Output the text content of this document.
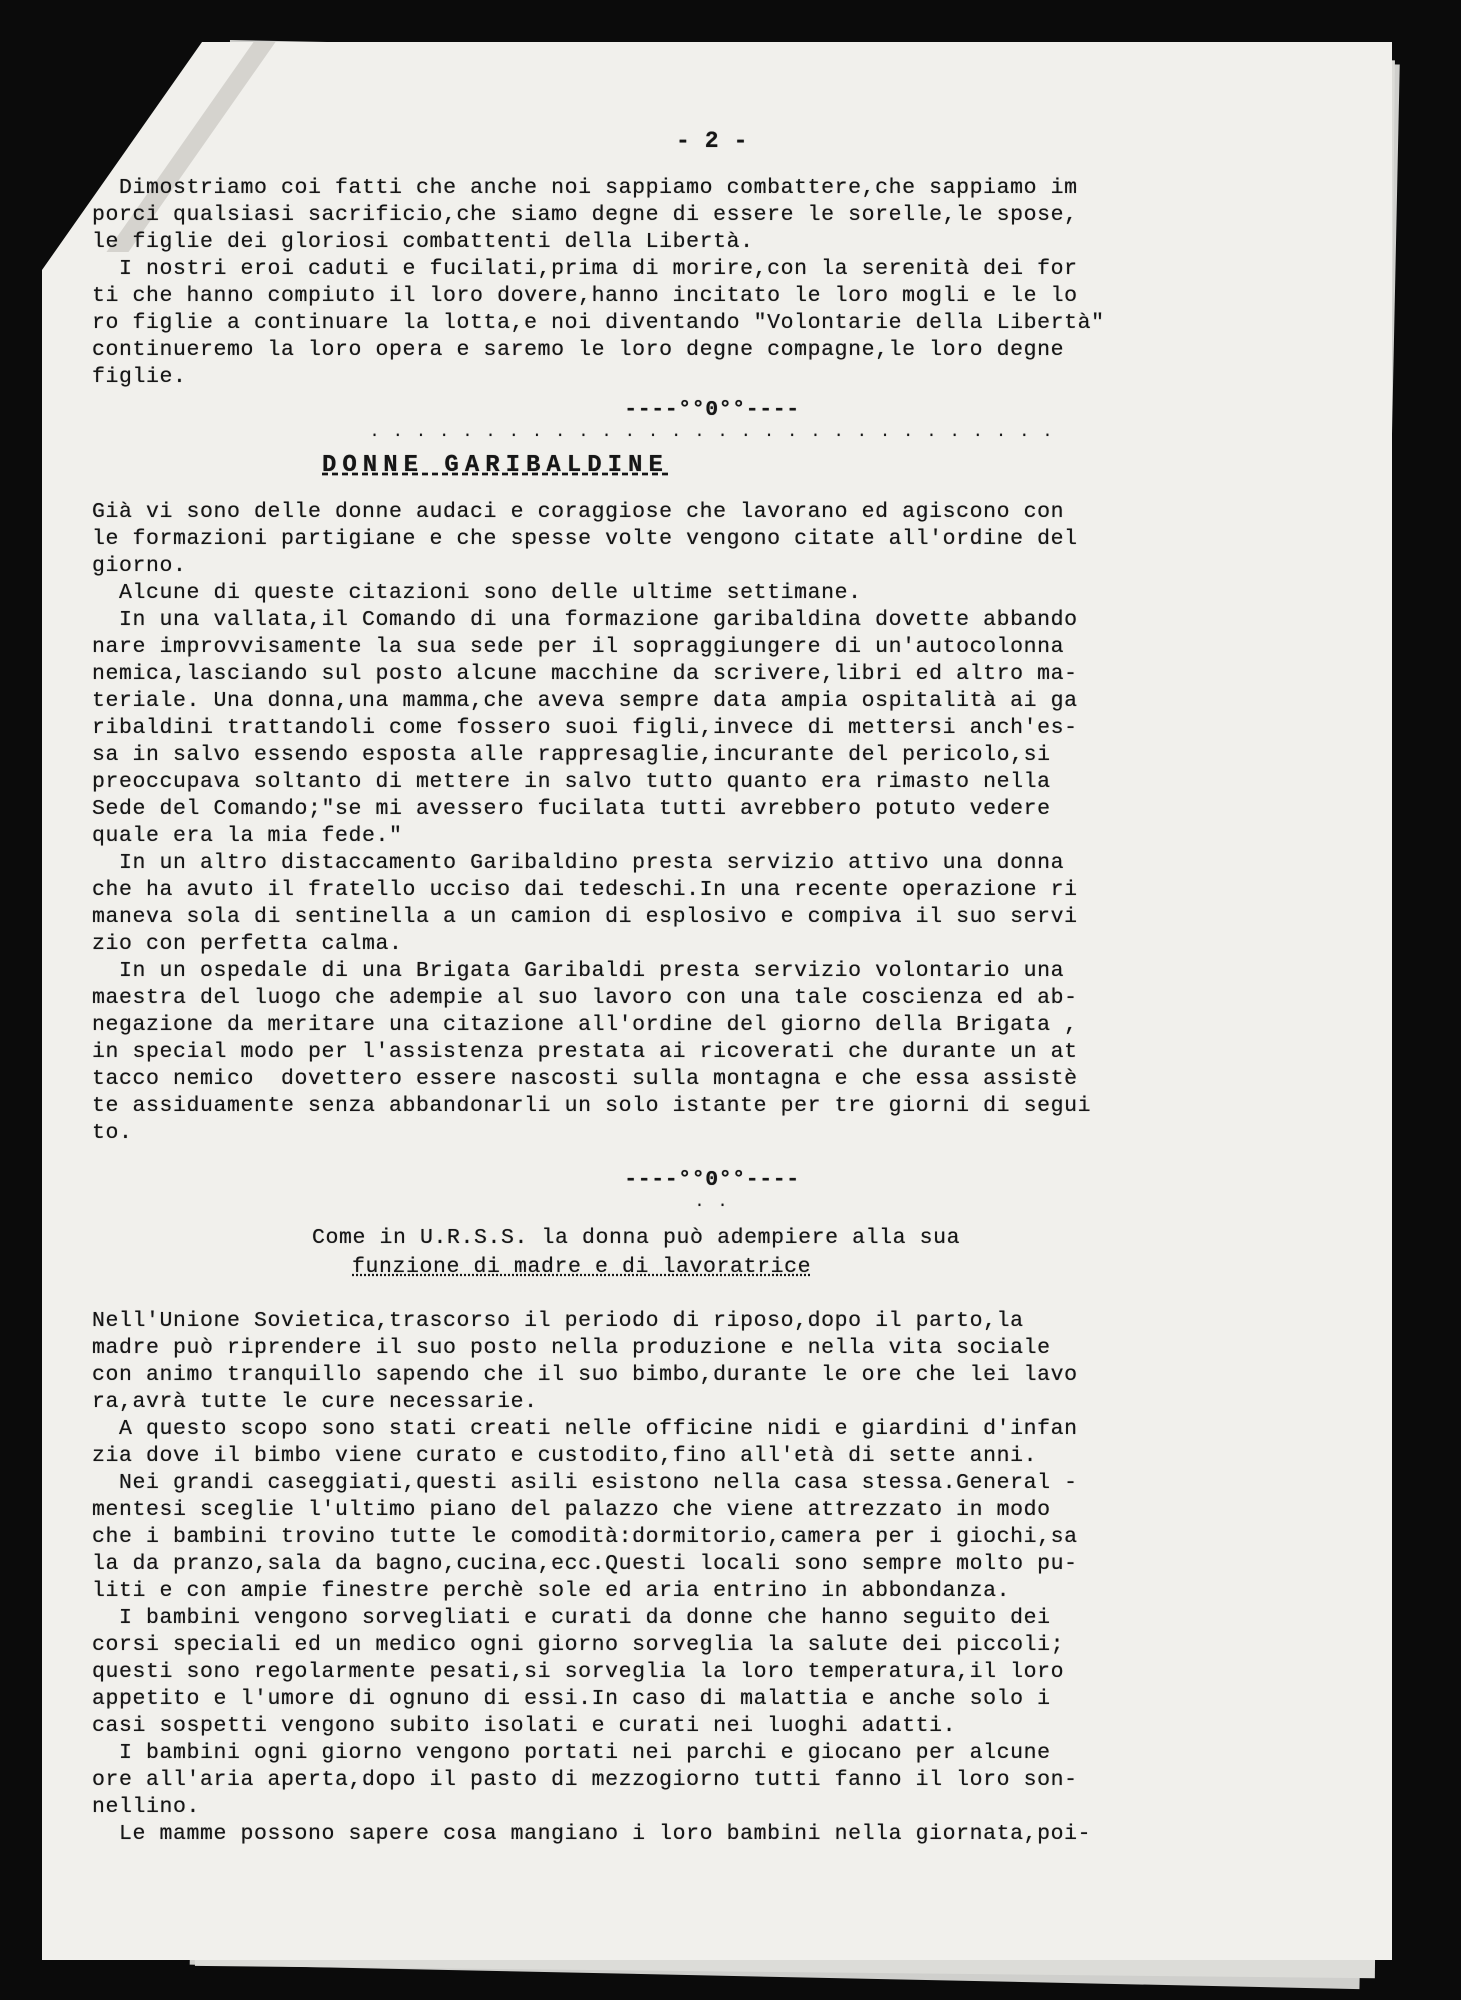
- 2 -

Dimostriamo coi fatti che anche noi sappiamo combattere,che sappiamo im
porci qualsiasi sacrificio,che siamo degne di essere le sorelle,le spose,
le figlie dei gloriosi combattenti della Libertà.

I nostri eroi caduti e fucilati,prima di morire,con la serenità dei for
ti che hanno compiuto il loro dovere,hanno incitato le loro mogli e le lo
ro figlie a continuare la lotta,e noi diventando "Volontarie della Libertà"
continueremo la loro opera e saremo le loro degne compagne,le loro degne
figlie.

----°°0°°----
· · · · · · · · · · · · · · · · · · · · · · · · · · · · · ·
DONNE GARIBALDINE

Già vi sono delle donne audaci e coraggiose che lavorano ed agiscono con
le formazioni partigiane e che spesse volte vengono citate all'ordine del
giorno.

Alcune di queste citazioni sono delle ultime settimane.

In una vallata,il Comando di una formazione garibaldina dovette abbando
nare improvvisamente la sua sede per il sopraggiungere di un'autocolonna
nemica,lasciando sul posto alcune macchine da scrivere,libri ed altro ma-
teriale. Una donna,una mamma,che aveva sempre data ampia ospitalità ai ga
ribaldini trattandoli come fossero suoi figli,invece di mettersi anch'es-
sa in salvo essendo esposta alle rappresaglie,incurante del pericolo,si
preoccupava soltanto di mettere in salvo tutto quanto era rimasto nella
Sede del Comando;"se mi avessero fucilata tutti avrebbero potuto vedere
quale era la mia fede."

In un altro distaccamento Garibaldino presta servizio attivo una donna
che ha avuto il fratello ucciso dai tedeschi.In una recente operazione ri
maneva sola di sentinella a un camion di esplosivo e compiva il suo servi
zio con perfetta calma.

In un ospedale di una Brigata Garibaldi presta servizio volontario una
maestra del luogo che adempie al suo lavoro con una tale coscienza ed ab-
negazione da meritare una citazione all'ordine del giorno della Brigata ,
in special modo per l'assistenza prestata ai ricoverati che durante un at
tacco nemico  dovettero essere nascosti sulla montagna e che essa assistè
te assiduamente senza abbandonarli un solo istante per tre giorni di segui
to.

----°°0°°----
· ·
Come in U.R.S.S. la donna può adempiere alla sua
funzione di madre e di lavoratrice

Nell'Unione Sovietica,trascorso il periodo di riposo,dopo il parto,la
madre può riprendere il suo posto nella produzione e nella vita sociale
con animo tranquillo sapendo che il suo bimbo,durante le ore che lei lavo
ra,avrà tutte le cure necessarie.

A questo scopo sono stati creati nelle officine nidi e giardini d'infan
zia dove il bimbo viene curato e custodito,fino all'età di sette anni.

Nei grandi caseggiati,questi asili esistono nella casa stessa.General -
mentesi sceglie l'ultimo piano del palazzo che viene attrezzato in modo
che i bambini trovino tutte le comodità:dormitorio,camera per i giochi,sa
la da pranzo,sala da bagno,cucina,ecc.Questi locali sono sempre molto pu-
liti e con ampie finestre perchè sole ed aria entrino in abbondanza.

I bambini vengono sorvegliati e curati da donne che hanno seguito dei
corsi speciali ed un medico ogni giorno sorveglia la salute dei piccoli;
questi sono regolarmente pesati,si sorveglia la loro temperatura,il loro
appetito e l'umore di ognuno di essi.In caso di malattia e anche solo i
casi sospetti vengono subito isolati e curati nei luoghi adatti.

I bambini ogni giorno vengono portati nei parchi e giocano per alcune
ore all'aria aperta,dopo il pasto di mezzogiorno tutti fanno il loro son-
nellino.

Le mamme possono sapere cosa mangiano i loro bambini nella giornata,poi-
